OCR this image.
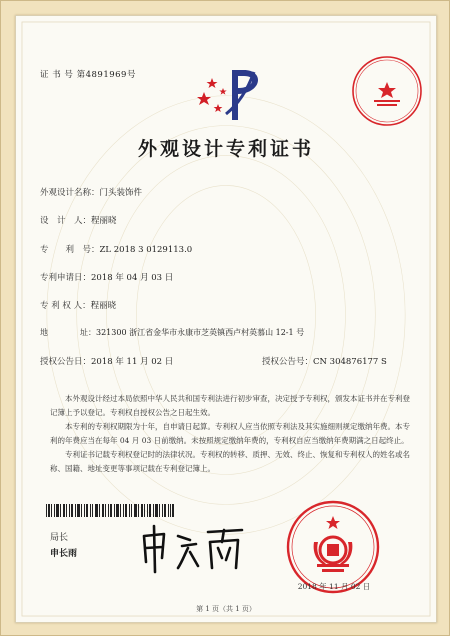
证 书 号 第4891969号
外观设计专利证书
外观设计名称：门头装饰件
设　计　人：程丽晓
专　　利　号：ZL 2018 3 0129113.0
专利申请日：2018 年 04 月 03 日
专 利 权 人：程丽晓
地　　　　址：321300 浙江省金华市永康市芝英镇西卢村英慕山 12-1 号
授权公告日：2018 年 11 月 02 日	授权公告号：CN 304876177 S

本外观设计经过本局依照中华人民共和国专利法进行初步审查，决定授予专利权，颁发本证书并在专利登记簿上予以登记。专利权自授权公告之日起生效。

本专利的专利权期限为十年，自申请日起算。专利权人应当依照专利法及其实施细则规定缴纳年费。本专利的年费应当在每年 04 月 03 日前缴纳。未按照规定缴纳年费的，专利权自应当缴纳年费期满之日起终止。

专利证书记载专利权登记时的法律状况。专利权的转移、质押、无效、终止、恢复和专利权人的姓名或名称、国籍、地址变更等事项记载在专利登记簿上。

局长
申长雨
2018 年 11 月 02 日
第 1 页（共 1 页）
